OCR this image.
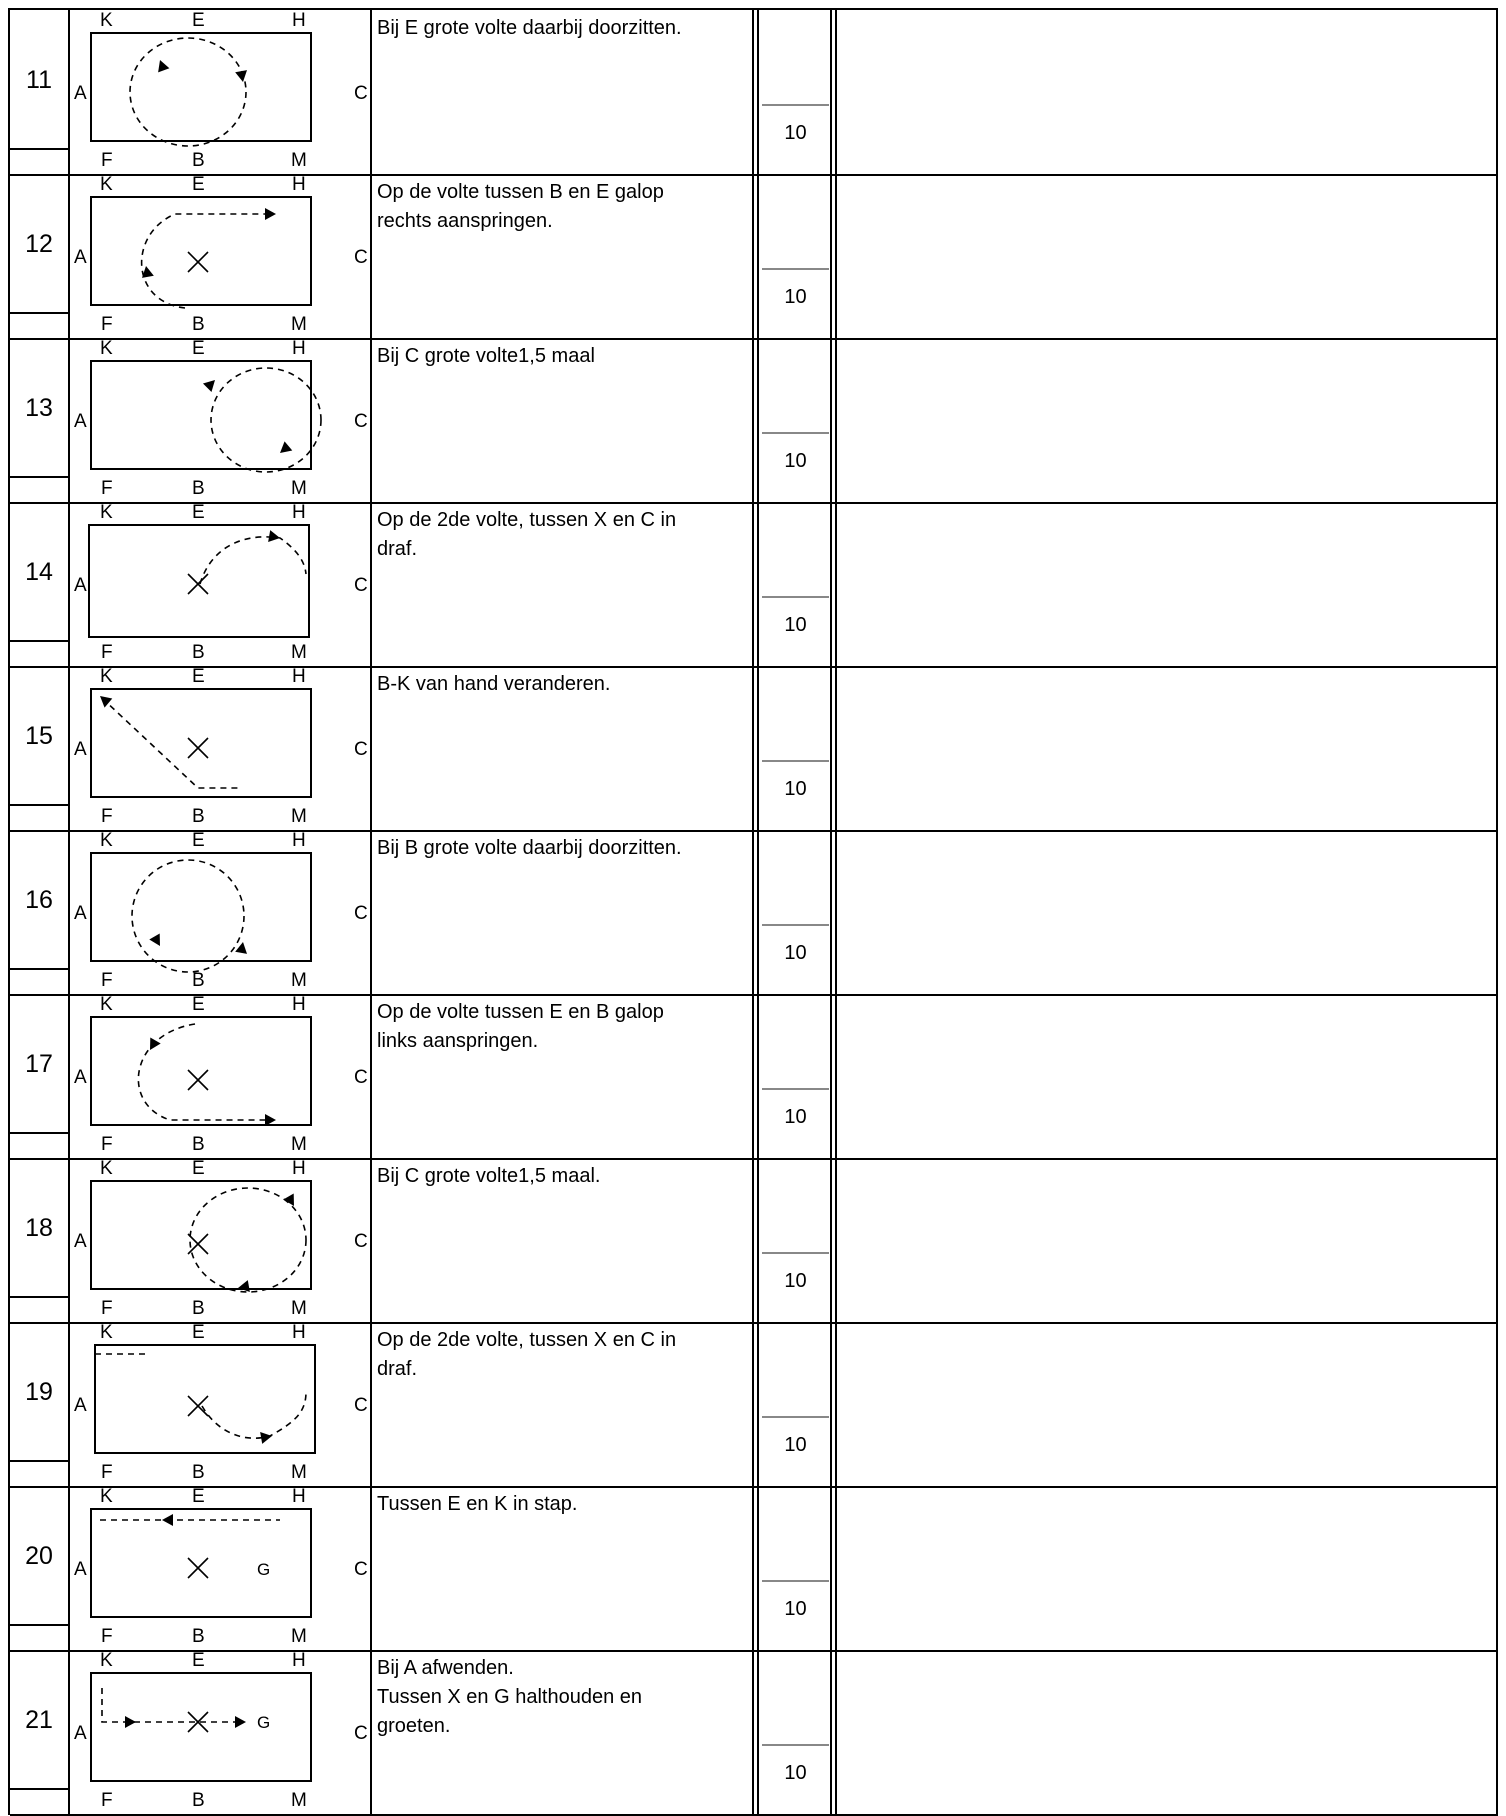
11
K	E	H
F	B	M
A	C
Bij E grote volte daarbij doorzitten.
10
12
K	E	H
F	B	M
A	C
Op de volte tussen B en E galop
rechts aanspringen.
10
13
K	E	H
F	B	M
A	C
Bij C grote volte1,5 maal
10
14
K	E	H
F	B	M
A	C
Op de 2de volte, tussen X en C in
draf.
10
15
K	E	H
F	B	M
A	C
B-K van hand veranderen.
10
16
K	E	H
F	B	M
A	C
Bij B grote volte daarbij doorzitten.
10
17
K	E	H
F	B	M
A	C
Op de volte tussen E en B galop
links aanspringen.
10
18
K	E	H
F	B	M
A	C
Bij C grote volte1,5 maal.
10
19
K	E	H
F	B	M
A	C
Op de 2de volte, tussen X en C in
draf.
10
20
K	E	H
F	B	M
A	C
G
Tussen E en K in stap.
10
21
K	E	H
F	B	M
A	C
G
Bij A afwenden.
Tussen X en G halthouden en
groeten.
10
